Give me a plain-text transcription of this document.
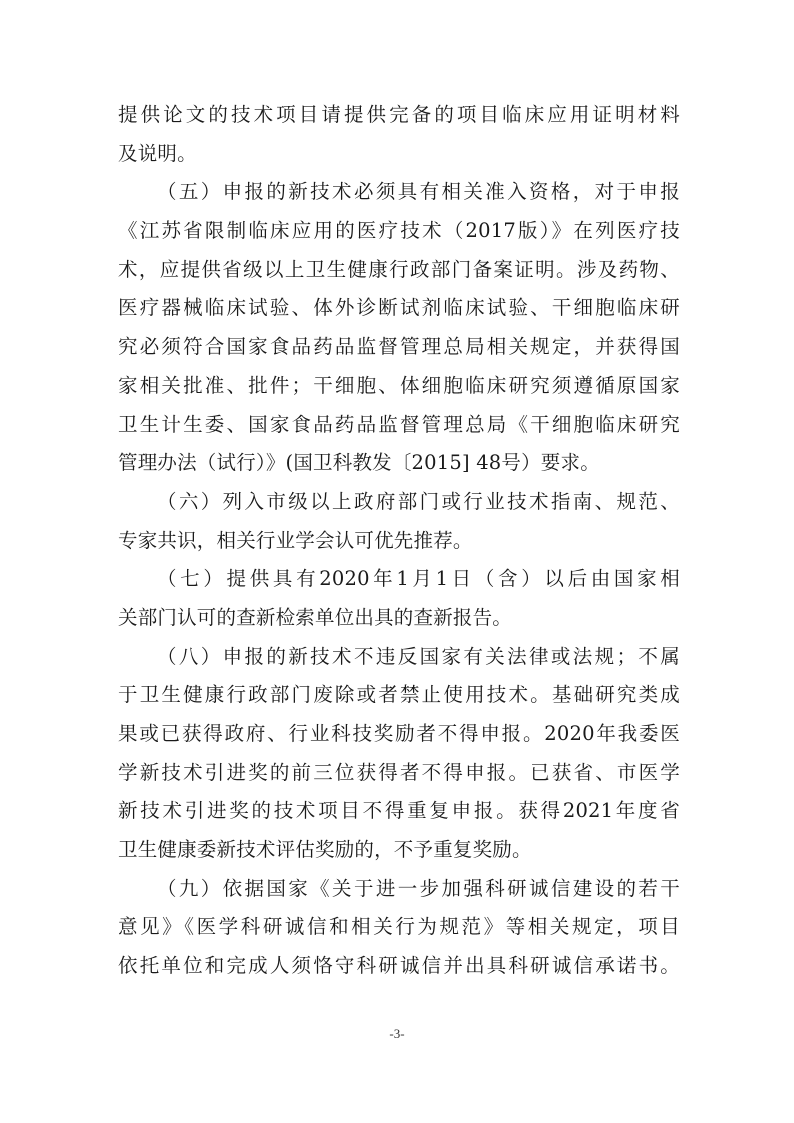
提供论文的技术项目请提供完备的项目临床应用证明材料
及说明。
（五）申报的新技术必须具有相关准入资格，对于申报
《江苏省限制临床应用的医疗技术（2017版）》在列医疗技
术，应提供省级以上卫生健康行政部门备案证明。涉及药物、
医疗器械临床试验、体外诊断试剂临床试验、干细胞临床研
究必须符合国家食品药品监督管理总局相关规定，并获得国
家相关批准、批件；干细胞、体细胞临床研究须遵循原国家
卫生计生委、国家食品药品监督管理总局《干细胞临床研究
管理办法（试行）》(国卫科教发〔2015] 48号）要求。
（六）列入市级以上政府部门或行业技术指南、规范、
专家共识，相关行业学会认可优先推荐。
（七）提供具有2020年1月1日（含）以后由国家相
关部门认可的查新检索单位出具的查新报告。
（八）申报的新技术不违反国家有关法律或法规；不属
于卫生健康行政部门废除或者禁止使用技术。基础研究类成
果或已获得政府、行业科技奖励者不得申报。2020年我委医
学新技术引进奖的前三位获得者不得申报。已获省、市医学
新技术引进奖的技术项目不得重复申报。获得2021年度省
卫生健康委新技术评估奖励的，不予重复奖励。
（九）依据国家《关于进一步加强科研诚信建设的若干
意见》《医学科研诚信和相关行为规范》等相关规定，项目
依托单位和完成人须恪守科研诚信并出具科研诚信承诺书。
-3-
